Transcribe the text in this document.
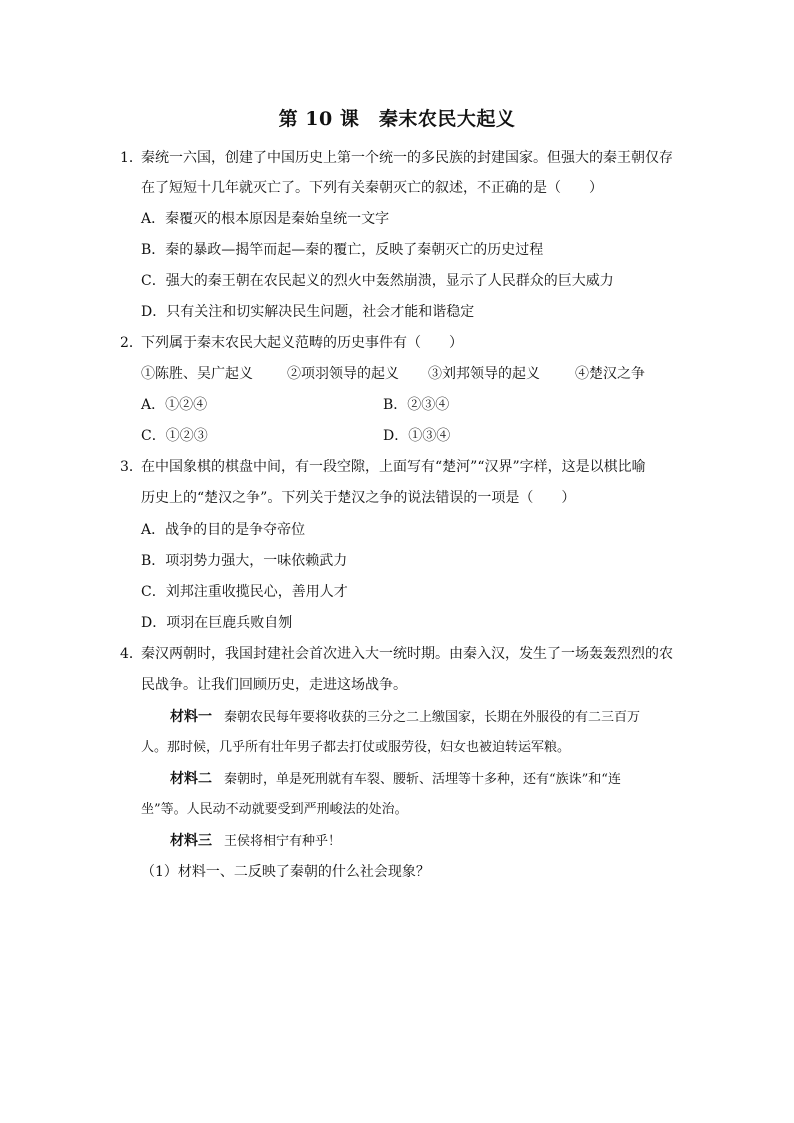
第 10 课　秦末农民大起义
1．
秦统一六国，创建了中国历史上第一个统一的多民族的封建国家。但强大的秦王朝仅存
在了短短十几年就灭亡了。下列有关秦朝灭亡的叙述，不正确的是（　　）
A．秦覆灭的根本原因是秦始皇统一文字
B．秦的暴政—揭竿而起—秦的覆亡，反映了秦朝灭亡的历史过程
C．强大的秦王朝在农民起义的烈火中轰然崩溃，显示了人民群众的巨大威力
D．只有关注和切实解决民生问题，社会才能和谐稳定
2．
下列属于秦末农民大起义范畴的历史事件有（　　）
①陈胜、吴广起义 ②项羽领导的起义 ③刘邦领导的起义	④楚汉之争
A．①②④	B．②③④
C．①②③	D．①③④
3．
在中国象棋的棋盘中间，有一段空隙，上面写有“楚河”“汉界”字样，这是以棋比喻
历史上的“楚汉之争”。下列关于楚汉之争的说法错误的一项是（　　）
A．战争的目的是争夺帝位
B．项羽势力强大，一味依赖武力
C．刘邦注重收揽民心，善用人才
D．项羽在巨鹿兵败自刎
4．
秦汉两朝时，我国封建社会首次进入大一统时期。由秦入汉，发生了一场轰轰烈烈的农
民战争。让我们回顾历史，走进这场战争。
材料一 秦朝农民每年要将收获的三分之二上缴国家，长期在外服役的有二三百万
人。那时候，几乎所有壮年男子都去打仗或服劳役，妇女也被迫转运军粮。
材料二 秦朝时，单是死刑就有车裂、腰斩、活埋等十多种，还有“族诛”和“连
坐”等。人民动不动就要受到严刑峻法的处治。
材料三 王侯将相宁有种乎！
（1）材料一、二反映了秦朝的什么社会现象？
